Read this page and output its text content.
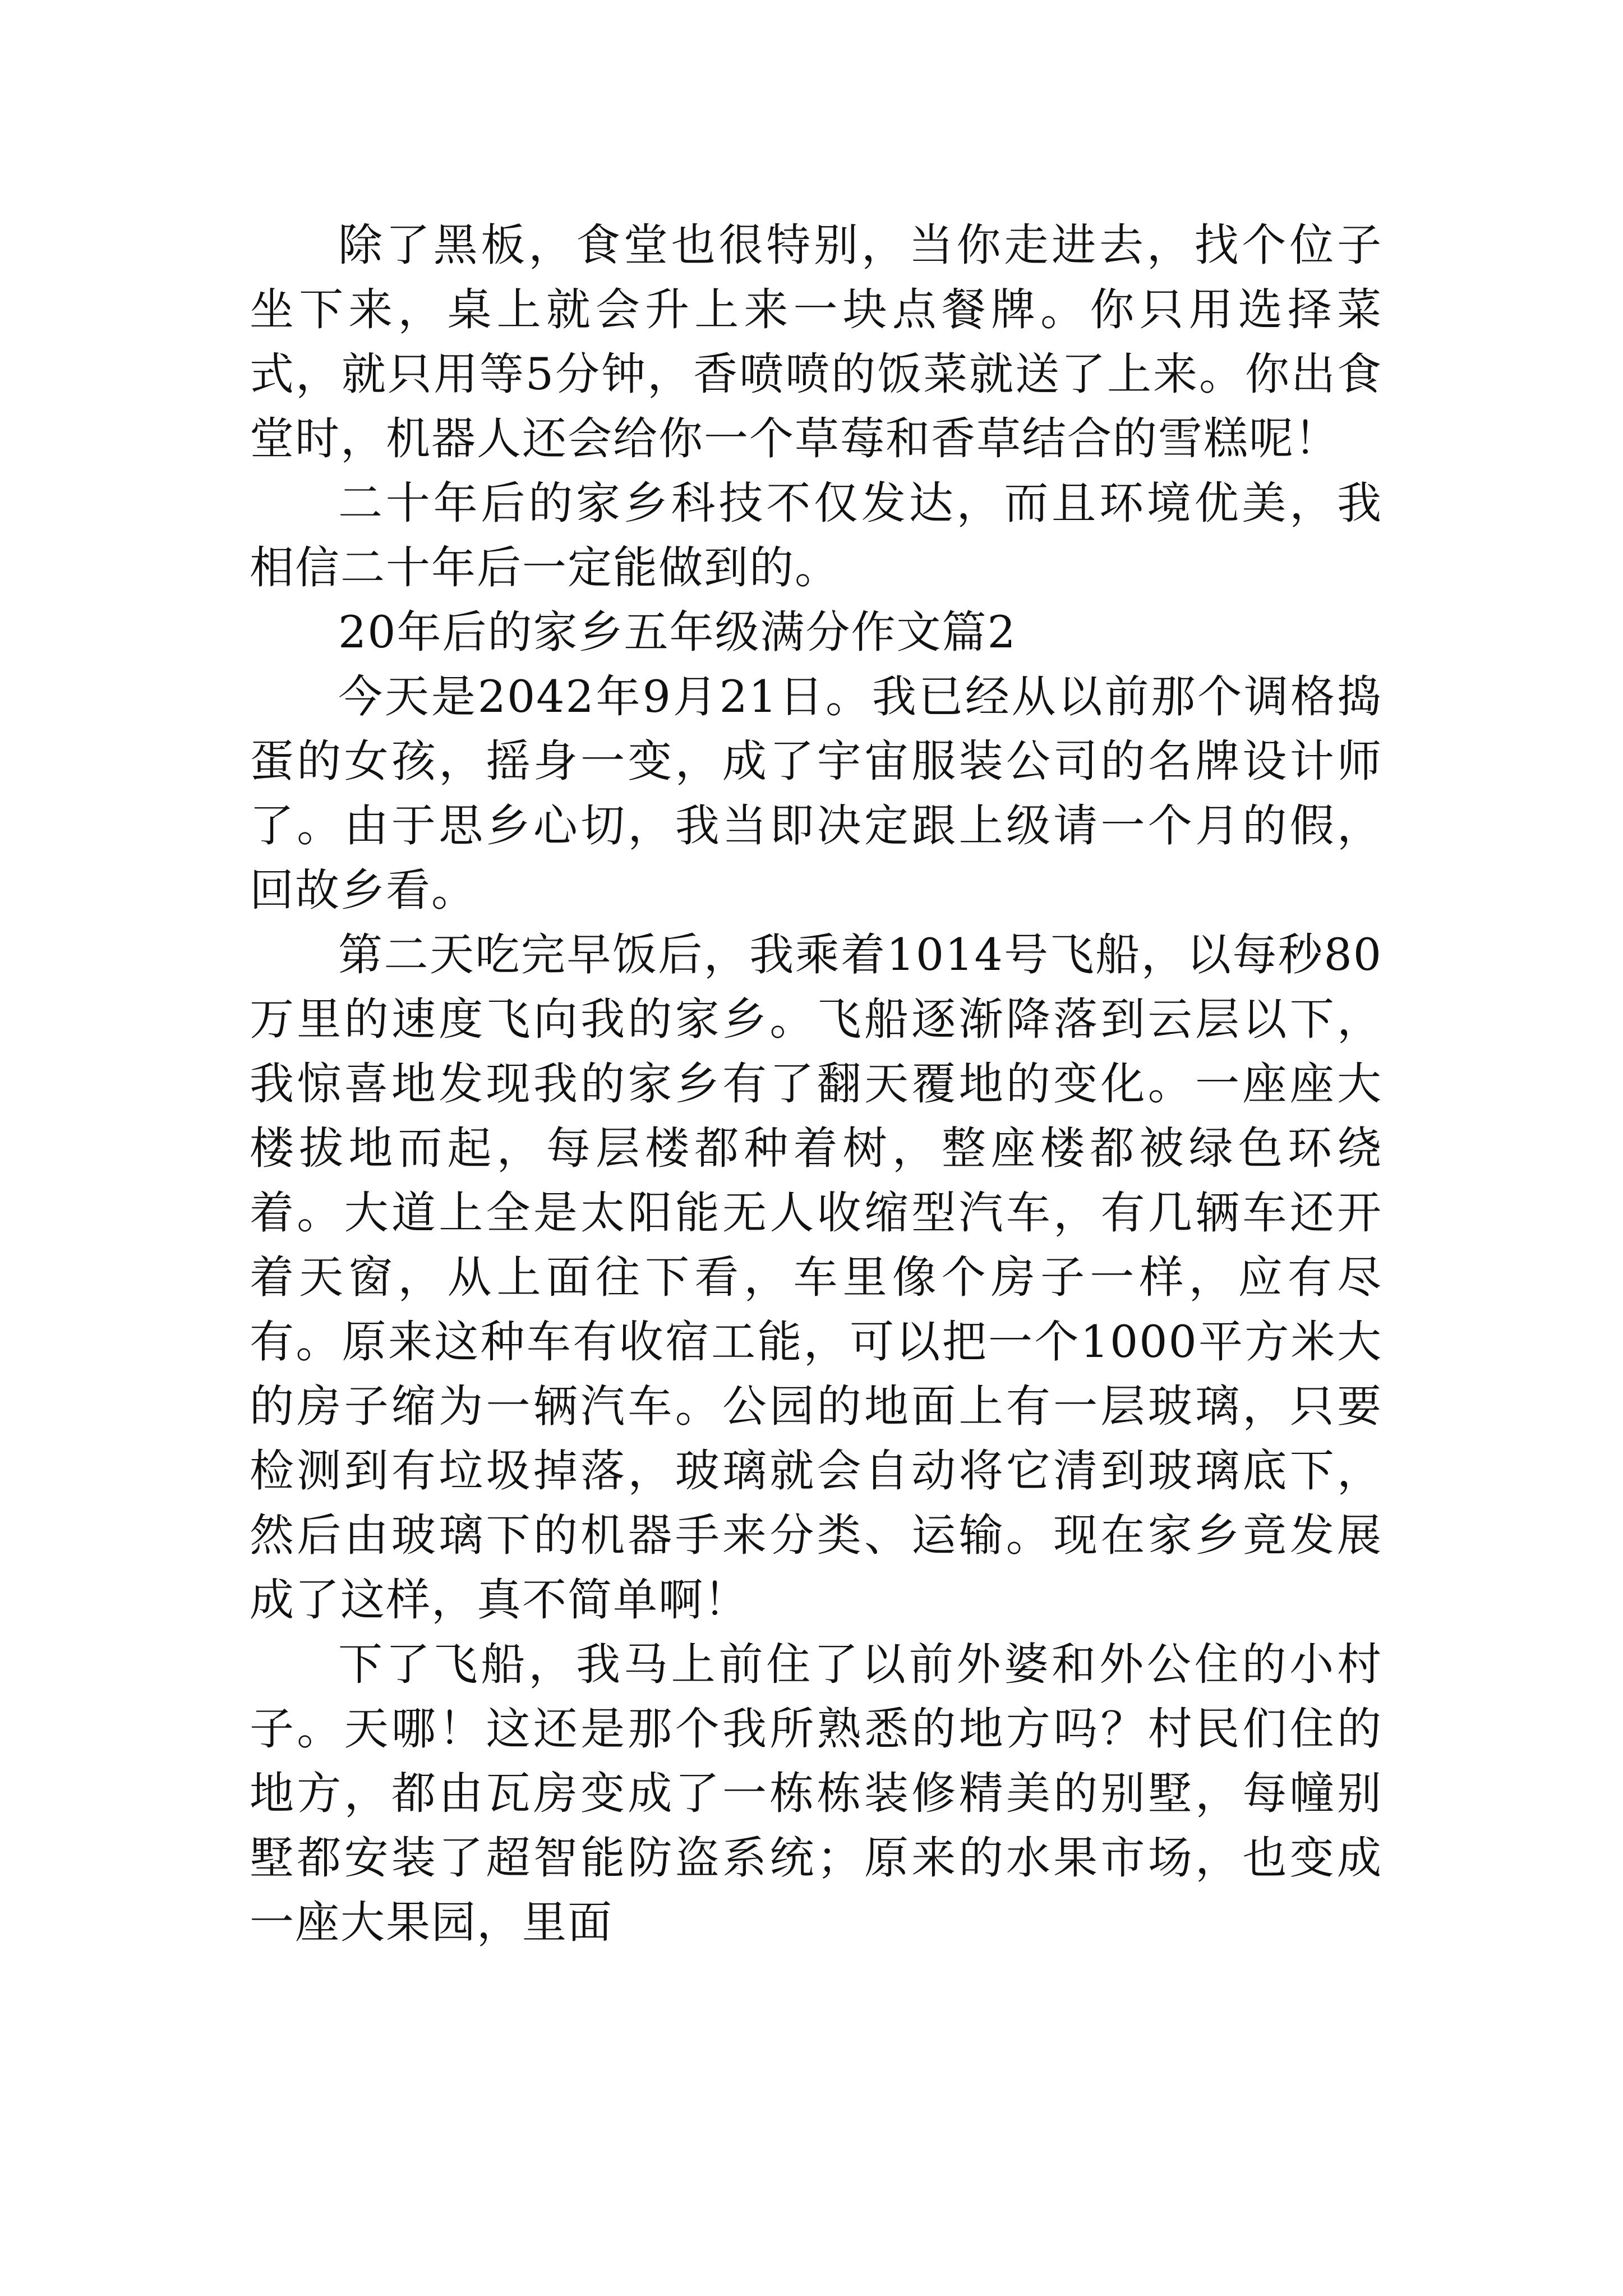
除了黑板，食堂也很特别，当你走进去，找个位子坐下来，桌上就会升上来一块点餐牌。你只用选择菜式，就只用等5分钟，香喷喷的饭菜就送了上来。你出食堂时，机器人还会给你一个草莓和香草结合的雪糕呢！

二十年后的家乡科技不仅发达，而且环境优美，我相信二十年后一定能做到的。

20年后的家乡五年级满分作文篇2

今天是2042年9月21日。我已经从以前那个调格捣蛋的女孩，摇身一变，成了宇宙服装公司的名牌设计师了。由于思乡心切，我当即决定跟上级请一个月的假，回故乡看。

第二天吃完早饭后，我乘着1014号飞船，以每秒80万里的速度飞向我的家乡。飞船逐渐降落到云层以下，我惊喜地发现我的家乡有了翻天覆地的变化。一座座大楼拔地而起，每层楼都种着树，整座楼都被绿色环绕着。大道上全是太阳能无人收缩型汽车，有几辆车还开着天窗，从上面往下看，车里像个房子一样，应有尽有。原来这种车有收宿工能，可以把一个1000平方米大的房子缩为一辆汽车。公园的地面上有一层玻璃，只要检测到有垃圾掉落，玻璃就会自动将它清到玻璃底下，然后由玻璃下的机器手来分类、运输。现在家乡竟发展成了这样，真不简单啊！

下了飞船，我马上前住了以前外婆和外公住的小村子。天哪！这还是那个我所熟悉的地方吗？村民们住的地方，都由瓦房变成了一栋栋装修精美的别墅，每幢别墅都安装了超智能防盗系统；原来的水果市场，也变成一座大果园，里面
